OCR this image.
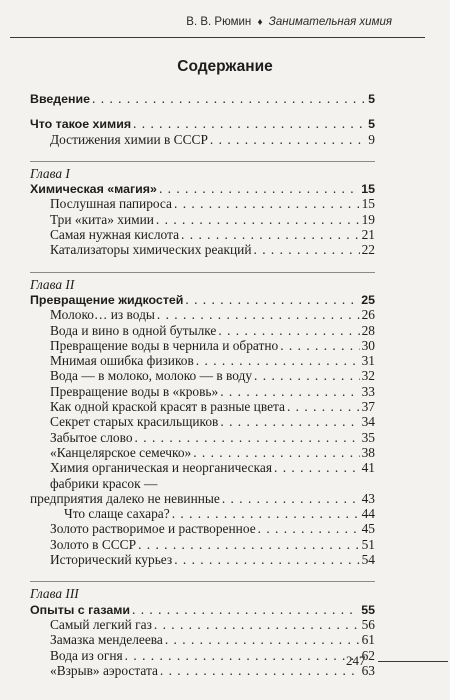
В. В. Рюмин ♦ Занимательная химия
Содержание
Введение . . .	5
Что такое химия . . .	5
Достижения химии в СССР . . .	9
Глава I
Химическая «магия» . . .	15
Послушная папироса . . .	15
Три «кита» химии . . .	19
Самая нужная кислота . . .	21
Катализаторы химических реакций . . .	22
Глава II
Превращение жидкостей . . .	25
Молоко… из воды . . .	26
Вода и вино в одной бутылке . . .	28
Превращение воды в чернила и обратно . . .	30
Мнимая ошибка физиков . . .	31
Вода — в молоко, молоко — в воду . . .	32
Превращение воды в «кровь» . . .	33
Как одной краской красят в разные цвета . . .	37
Секрет старых красильщиков . . .	34
Забытое слово . . .	35
«Канцелярское семечко» . . .	38
Химия органическая и неорганическая . . .	41
фабрики красок —
предприятия далеко не невинные . . .	43
Что слаще сахара? . . .	44
Золото растворимое и растворенное . . .	45
Золото в СССР . . .	51
Исторический курьез . . .	54
Глава III
Опыты с газами . . .	55
Самый легкий газ . . .	56
Замазка менделеева . . .	61
Вода из огня . . .	62
«Взрыв» аэростата . . .	63
247
